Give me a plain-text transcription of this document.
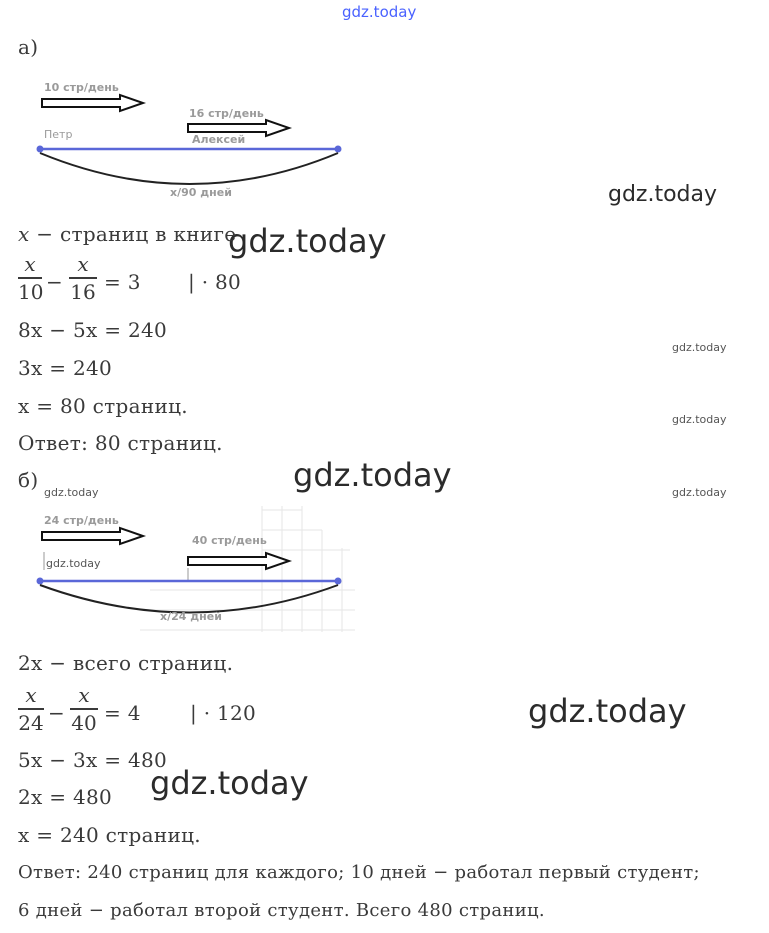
gdz.today
а)
10 стр/день
16 стр/день
Петр	Алексей
x/90 дней	gdz.today
gdz.today
gdz.today
gdz.today
x − страниц в книге
x
10 −
x
16 = 3 | · 80
8x − 5x = 240
3x = 240
x = 80 страниц.
Ответ: 80 страниц.
б)	gdz.today
gdz.today	gdz.today
24 стр/день
40 стр/день
gdz.today
x/24 дней
2x − всего страниц.
x
24 −
x
40 = 4 | · 120	gdz.today
5x − 3x = 480
gdz.today
2x = 480
x = 240 страниц.
Ответ: 240 страниц для каждого; 10 дней − работал первый студент;
6 дней − работал второй студент. Всего 480 страниц.
